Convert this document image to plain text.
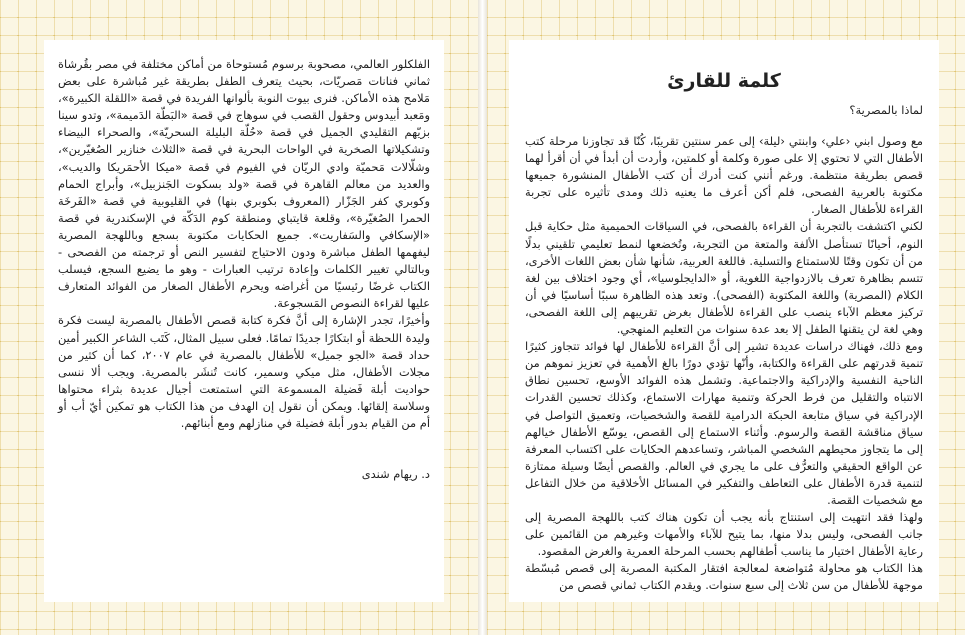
الفلكلور العالمي، مصحوبة برسوم مُستوحاة من أماكن مختلفة في مصر بقُرشاة ثماني فنانات مَصريّات، بحيث يتعرف الطفل بطريقة غير مُباشرة على بعض مَلامح هذه الأماكن. فنرى بيوت النوبة بألوانها الفريدة في قصة «اللقلة الكبيرة»، ومَعبد أبيدوس وحقول القصب في سوهاج في قصة «البَطّة الدَميمة»، وتدو سينا بزيّهم التقليدي الجميل في قصة «حُلّة البليلة السحريّة»، والصحراء البيضاء وتشكيلاتها الصخرية في الواحات البحرية في قصة «الثلاث خنازير الصُغيّرين»، وشلّالات مَحميّة وادي الريّان في الفيوم في قصة «ميكا الأحمَريكا والديب»، والعديد من معالم القاهرة في قصة «ولد بسكوت الجَنزبيل»، وأبراج الحمام وكوبري كفر الجَزّار (المعروف بكوبري بنها) في القليوبية في قصة «الفَرخَة الحمرا الصُغيّرة»، وقلعة قايتباي ومنطقة كوم الدَكّة في الإسكندرية في قصة «الإسكافي والسَفاريت». جميع الحكايات مكتوبة بسجع وباللهجة المصرية ليفهمها الطفل مباشرة ودون الاحتياج لتفسير النص أو ترجمته من الفصحى - وبالتالي تغيير الكلمات وإعادة ترتيب العبارات - وهو ما يضيع السجع، فيسلب الكتاب غرضًا رئيسيًا من أغراضه ويحرم الأطفال الصغار من الفوائد المتعارف عليها لقراءة النصوص المَسجوعة.

وأخيرًا، تجدر الإشارة إلى أنَّ فكرة كتابة قصص الأطفال بالمصرية ليست فكرة وليدة اللحظة أو ابتكارًا جديدًا تمامًا. فعلى سبيل المثال، كَتَب الشاعر الكبير أمين حداد قصة «الجو جميل» للأطفال بالمصرية في عام ٢٠٠٧، كما أن كثير من مجلات الأطفال، مثل ميكي وسمير، كانت تُنشَر بالمصرية. ويجب ألا ننسى حواديت أبلة فَضيلة المسموعة التي استمتعت أجيال عديدة بثراء محتواها وسلاسة إلقائها. ويمكن أن نقول إن الهدف من هذا الكتاب هو تمكين أيّ أب أو أم من القيام بدور أبلة فضيلة في منازلهم ومع أبنائهم.

د. ريهام شندى
كلمة للقارئ
لماذا بالمصرية؟

مع وصول ابني ‹علي› وابنتي ‹ليلة› إلى عمر سنتين تقريبًا، كُنّا قد تجاوزنا مرحلة كتب الأطفال التي لا تحتوي إلا على صورة وكلمة أو كلمتين، وأردت أن أبدأ في أن أقرأ لهما قصص بطريقة منتظمة. ورغم أنني كنت أدرك أن كتب الأطفال المنشورة جميعها مكتوبة بالعربية الفصحى، فلم أكن أعرف ما يعنيه ذلك ومدى تأثيره على تجربة القراءة للأطفال الصغار.

لكني اكتشفت بالتجربة أن القراءة بالفصحى، في السياقات الحميمية مثل حكاية قبل النوم، أحيانًا تستأصل الألفة والمتعة من التجربة، وتُخضعها لنمط تعليمي تلقيني بدلًا من أن تكون وقتًا للاستمتاع والتسلية. فاللغة العربية، شأنها شأن بعض اللغات الأخرى، تتسم بظاهرة تعرف بالازدواجية اللغوية، أو «الدايجلوسيا»، أي وجود اختلاف بين لغة الكلام (المصرية) واللغة المكتوبة (الفصحى). وتعد هذه الظاهرة سببًا أساسيًا في أن تركيز معظم الآباء ينصب على القراءة للأطفال بغرض تقريبهم إلى اللغة الفصحى، وهي لغة لن يتقنها الطفل إلا بعد عدة سنوات من التعليم المنهجي.

ومع ذلك، فهناك دراسات عديدة تشير إلى أنَّ القراءة للأطفال لها فوائد تتجاوز كثيرًا تنمية قدرتهم على القراءة والكتابة، وأنّها تؤدي دورًا بالغ الأهمية في تعزيز نموهم من الناحية النفسية والإدراكية والاجتماعية. وتشمل هذه الفوائد الأوسع، تحسين نطاق الانتباه والتقليل من فرط الحركة وتنمية مهارات الاستماع، وكذلك تحسين القدرات الإدراكية في سياق متابعة الحبكة الدرامية للقصة والشخصيات، وتعميق التواصل في سياق مناقشة القصة والرسوم. وأثناء الاستماع إلى القصص، يوسّع الأطفال خيالهم إلى ما يتجاوز محيطهم الشخصي المباشر، وتساعدهم الحكايات على اكتساب المعرفة عن الواقع الحقيقي والتعرُّف على ما يجري في العالم. والقصص أيضًا وسيلة ممتازة لتنمية قدرة الأطفال على التعاطف والتفكير في المسائل الأخلاقية من خلال التفاعل مع شخصيات القصة.

ولهذا فقد انتهيت إلى استنتاج بأنه يجب أن تكون هناك كتب باللهجة المصرية إلى جانب الفصحى، وليس بدلا منها، بما يتيح للآباء والأمهات وغيرهم من القائمين على رعاية الأطفال اختيار ما يناسب أطفالهم بحسب المرحلة العمرية والغرض المقصود.

هذا الكتاب هو محاولة مُتواضعة لمعالجة افتقار المكتبة المصرية إلى قصص مُبسّطة موجهة للأطفال من سن ثلاث إلى سبع سنوات. ويقدم الكتاب ثماني قصص من
